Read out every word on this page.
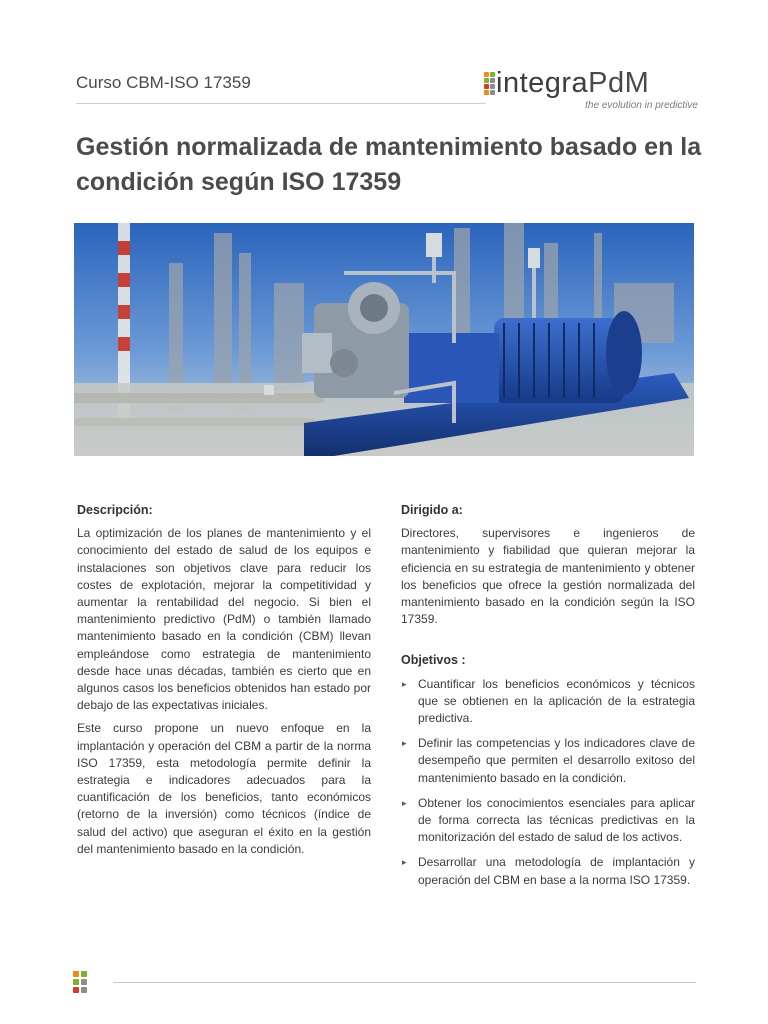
Curso CBM-ISO 17359	integraPdM
the evolution in predictive
Gestión normalizada de mantenimiento basado en la condición según ISO 17359

Descripción:

La optimización de los planes de mantenimiento y el conocimiento del estado de salud de los equipos e instalaciones son objetivos clave para reducir los costes de explotación, mejorar la competitividad y aumentar la rentabilidad del negocio. Si bien el mantenimiento predictivo (PdM) o también llamado mantenimiento basado en la condición (CBM) llevan empleándose como estrategia de mantenimiento desde hace unas décadas, también es cierto que en algunos casos los beneficios obtenidos han estado por debajo de las expectativas iniciales.

Este curso propone un nuevo enfoque en la implantación y operación del CBM a partir de la norma ISO 17359, esta metodología permite definir la estrategia e indicadores adecuados para la cuantificación de los beneficios, tanto económicos (retorno de la inversión) como técnicos (índice de salud del activo) que aseguran el éxito en la gestión del mantenimiento basado en la condición.

Dirigido a:

Directores, supervisores e ingenieros de mantenimiento y fiabilidad que quieran mejorar la eficiencia en su estrategia de mantenimiento y obtener los beneficios que ofrece la gestión normalizada del mantenimiento basado en la condición según la ISO 17359.

Objetivos :

▸ Cuantificar los beneficios económicos y técnicos que se obtienen en la aplicación de la estrategia predictiva.
▸ Definir las competencias y los indicadores clave de desempeño que permiten el desarrollo exitoso del mantenimiento basado en la condición.
▸ Obtener los conocimientos esenciales para aplicar de forma correcta las técnicas predictivas en la monitorización del estado de salud de los activos.
▸ Desarrollar una metodología de implantación y operación del CBM en base a la norma ISO 17359.
